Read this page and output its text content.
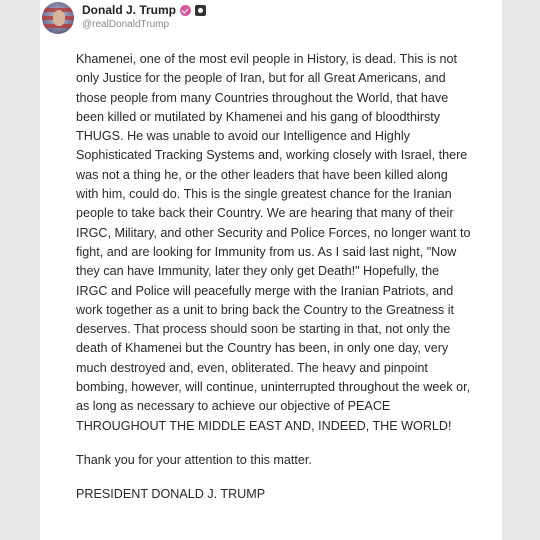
Donald J. Trump
@realDonaldTrump

Khamenei, one of the most evil people in History, is dead. This is not only Justice for the people of Iran, but for all Great Americans, and those people from many Countries throughout the World, that have been killed or mutilated by Khamenei and his gang of bloodthirsty THUGS. He was unable to avoid our Intelligence and Highly Sophisticated Tracking Systems and, working closely with Israel, there was not a thing he, or the other leaders that have been killed along with him, could do. This is the single greatest chance for the Iranian people to take back their Country. We are hearing that many of their IRGC, Military, and other Security and Police Forces, no longer want to fight, and are looking for Immunity from us. As I said last night, "Now they can have Immunity, later they only get Death!" Hopefully, the IRGC and Police will peacefully merge with the Iranian Patriots, and work together as a unit to bring back the Country to the Greatness it deserves. That process should soon be starting in that, not only the death of Khamenei but the Country has been, in only one day, very much destroyed and, even, obliterated. The heavy and pinpoint bombing, however, will continue, uninterrupted throughout the week or, as long as necessary to achieve our objective of PEACE THROUGHOUT THE MIDDLE EAST AND, INDEED, THE WORLD!

Thank you for your attention to this matter.

PRESIDENT DONALD J. TRUMP
